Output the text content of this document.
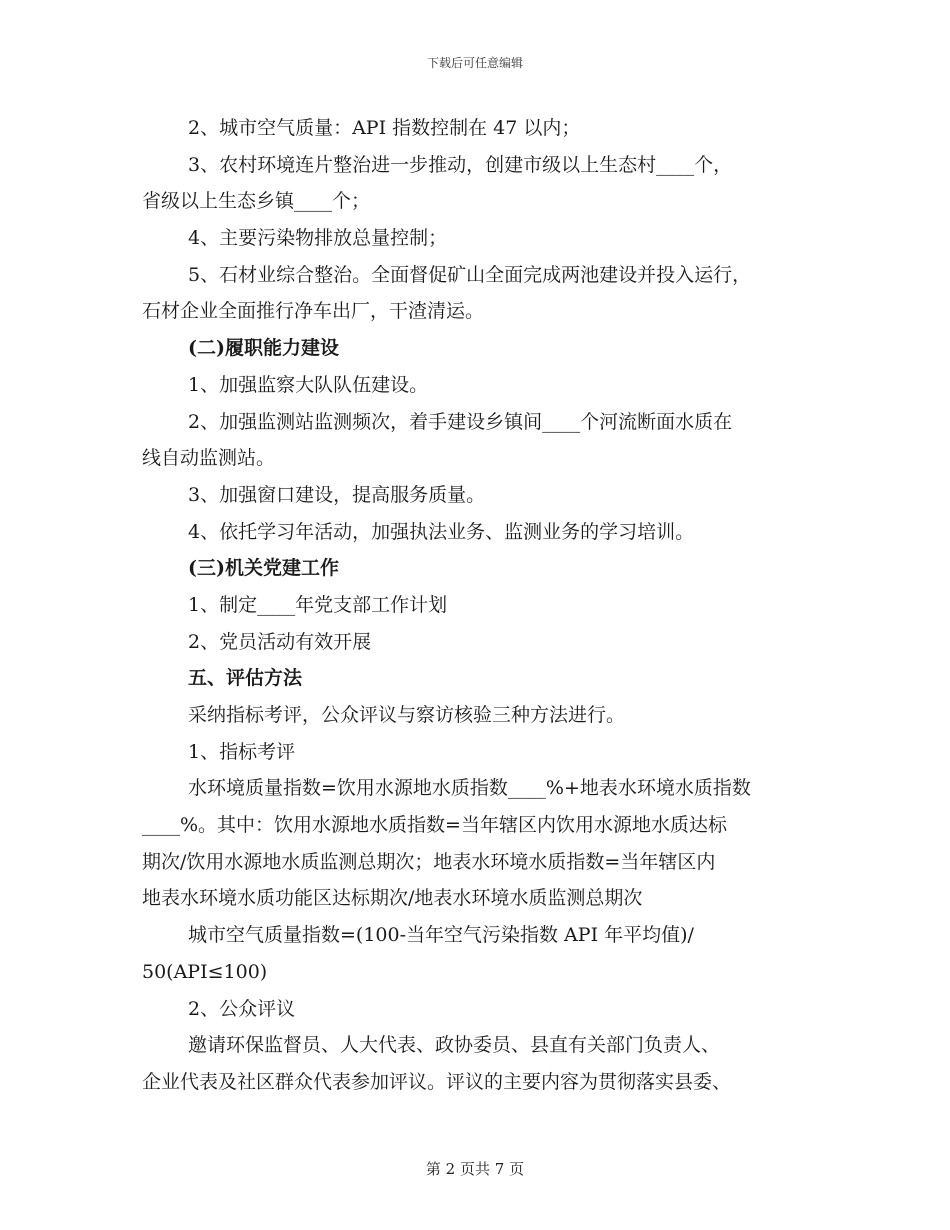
下载后可任意编辑
2、城市空气质量：API 指数控制在 47 以内；
3、农村环境连片整治进一步推动，创建市级以上生态村____个，
省级以上生态乡镇____个；
4、主要污染物排放总量控制；
5、石材业综合整治。全面督促矿山全面完成两池建设并投入运行，
石材企业全面推行净车出厂，干渣清运。
(二)履职能力建设
1、加强监察大队队伍建设。
2、加强监测站监测频次，着手建设乡镇间____个河流断面水质在
线自动监测站。
3、加强窗口建设，提高服务质量。
4、依托学习年活动，加强执法业务、监测业务的学习培训。
(三)机关党建工作
1、制定____年党支部工作计划
2、党员活动有效开展
五、评估方法
采纳指标考评，公众评议与察访核验三种方法进行。
1、指标考评
水环境质量指数=饮用水源地水质指数____%+地表水环境水质指数
____%。其中：饮用水源地水质指数=当年辖区内饮用水源地水质达标
期次/饮用水源地水质监测总期次；地表水环境水质指数=当年辖区内
地表水环境水质功能区达标期次/地表水环境水质监测总期次
城市空气质量指数=(100-当年空气污染指数 API 年平均值)/
50(API≤100)
2、公众评议
邀请环保监督员、人大代表、政协委员、县直有关部门负责人、
企业代表及社区群众代表参加评议。评议的主要内容为贯彻落实县委、
第 2 页共 7 页
